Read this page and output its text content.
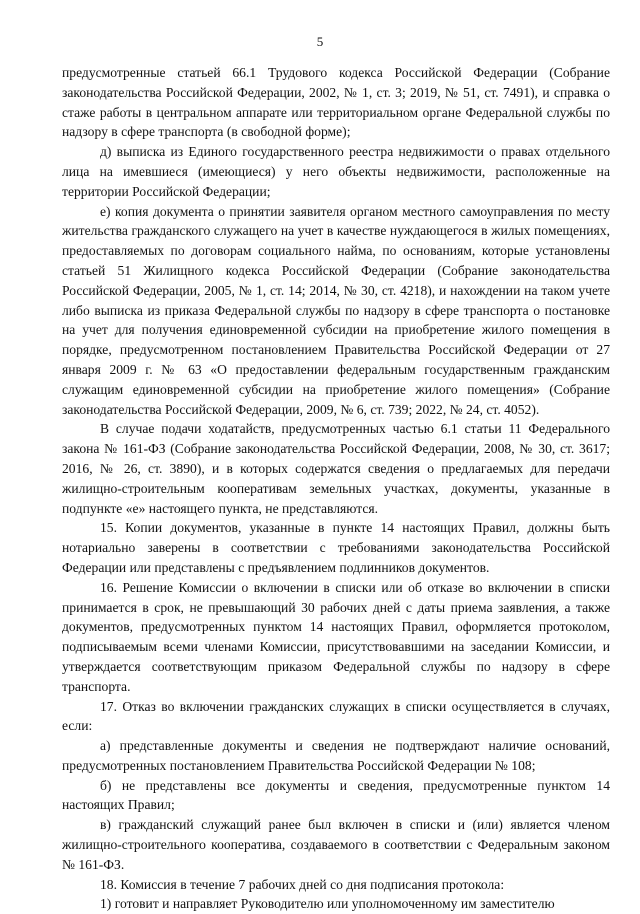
5

предусмотренные статьей 66.1 Трудового кодекса Российской Федерации (Собрание законодательства Российской Федерации, 2002, № 1, ст. 3; 2019, № 51, ст. 7491), и справка о стаже работы в центральном аппарате или территориальном органе Федеральной службы по надзору в сфере транспорта (в свободной форме);

д) выписка из Единого государственного реестра недвижимости о правах отдельного лица на имевшиеся (имеющиеся) у него объекты недвижимости, расположенные на территории Российской Федерации;

е) копия документа о принятии заявителя органом местного самоуправления по месту жительства гражданского служащего на учет в качестве нуждающегося в жилых помещениях, предоставляемых по договорам социального найма, по основаниям, которые установлены статьей 51 Жилищного кодекса Российской Федерации (Собрание законодательства Российской Федерации, 2005, № 1, ст. 14; 2014, № 30, ст. 4218), и нахождении на таком учете либо выписка из приказа Федеральной службы по надзору в сфере транспорта о постановке на учет для получения единовременной субсидии на приобретение жилого помещения в порядке, предусмотренном постановлением Правительства Российской Федерации от 27 января 2009 г. № 63 «О предоставлении федеральным государственным гражданским служащим единовременной субсидии на приобретение жилого помещения» (Собрание законодательства Российской Федерации, 2009, № 6, ст. 739; 2022, № 24, ст. 4052).

В случае подачи ходатайств, предусмотренных частью 6.1 статьи 11 Федерального закона № 161-ФЗ (Собрание законодательства Российской Федерации, 2008, № 30, ст. 3617; 2016, № 26, ст. 3890), и в которых содержатся сведения о предлагаемых для передачи жилищно-строительным кооперативам земельных участках, документы, указанные в подпункте «е» настоящего пункта, не представляются.

15. Копии документов, указанные в пункте 14 настоящих Правил, должны быть нотариально заверены в соответствии с требованиями законодательства Российской Федерации или представлены с предъявлением подлинников документов.

16. Решение Комиссии о включении в списки или об отказе во включении в списки принимается в срок, не превышающий 30 рабочих дней с даты приема заявления, а также документов, предусмотренных пунктом 14 настоящих Правил, оформляется протоколом, подписываемым всеми членами Комиссии, присутствовавшими на заседании Комиссии, и утверждается соответствующим приказом Федеральной службы по надзору в сфере транспорта.

17. Отказ во включении гражданских служащих в списки осуществляется в случаях, если:

а) представленные документы и сведения не подтверждают наличие оснований, предусмотренных постановлением Правительства Российской Федерации № 108;

б) не представлены все документы и сведения, предусмотренные пунктом 14 настоящих Правил;

в) гражданский служащий ранее был включен в списки и (или) является членом жилищно-строительного кооператива, создаваемого в соответствии с Федеральным законом № 161-ФЗ.

18. Комиссия в течение 7 рабочих дней со дня подписания протокола:

1) готовит и направляет Руководителю или уполномоченному им заместителю
